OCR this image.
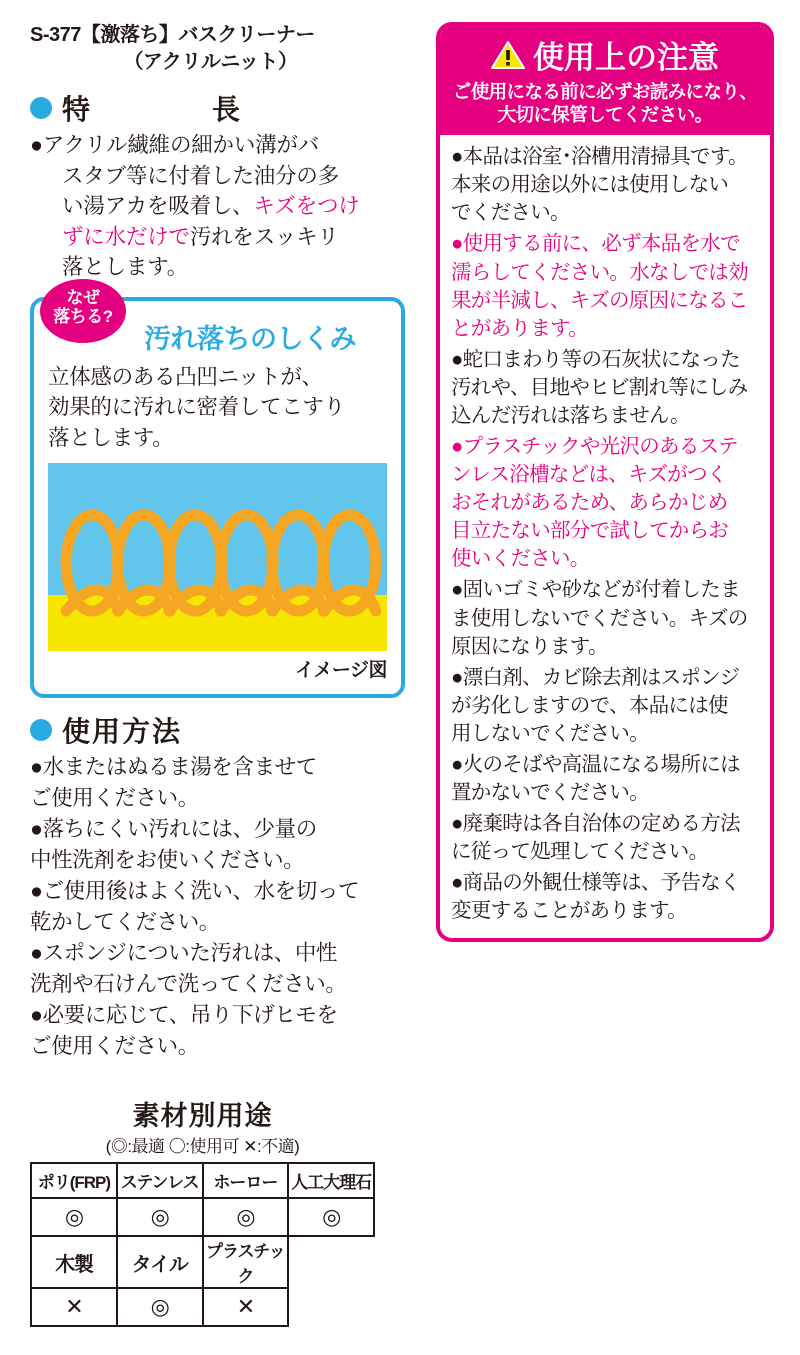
S-377【激落ち】バスクリーナー
（アクリルニット）
特　　長
●アクリル繊維の細かい溝がバ
スタブ等に付着した油分の多
い湯アカを吸着し、キズをつけ
ずに水だけで汚れをスッキリ
落とします。
なぜ
落ちる?
汚れ落ちのしくみ
立体感のある凸凹ニットが、
効果的に汚れに密着してこすり
落とします。
イメージ図
使用方法
●水またはぬるま湯を含ませて
ご使用ください。
●落ちにくい汚れには、少量の
中性洗剤をお使いください。
●ご使用後はよく洗い、水を切って
乾かしてください。
●スポンジについた汚れは、中性
洗剤や石けんで洗ってください。
●必要に応じて、吊り下げヒモを
ご使用ください。
素材別用途
(◎:最適 〇:使用可 ✕:不適)
ポリ(FRP)	ステンレス	ホーロー	人工大理石
◎	◎	◎	◎
木製	タイル	プラスチック	
✕	◎	✕	
使用上の注意
ご使用になる前に必ずお読みになり、
大切に保管してください。
●本品は浴室･浴槽用清掃具です。
本来の用途以外には使用しない
でください。
●使用する前に、必ず本品を水で
濡らしてください。水なしでは効
果が半減し、キズの原因になるこ
とがあります。
●蛇口まわり等の石灰状になった
汚れや、目地やヒビ割れ等にしみ
込んだ汚れは落ちません。
●プラスチックや光沢のあるステ
ンレス浴槽などは、キズがつく
おそれがあるため、あらかじめ
目立たない部分で試してからお
使いください。
●固いゴミや砂などが付着したま
ま使用しないでください。キズの
原因になります。
●漂白剤、カビ除去剤はスポンジ
が劣化しますので、本品には使
用しないでください。
●火のそばや高温になる場所には
置かないでください。
●廃棄時は各自治体の定める方法
に従って処理してください。
●商品の外観仕様等は、予告なく
変更することがあります。
